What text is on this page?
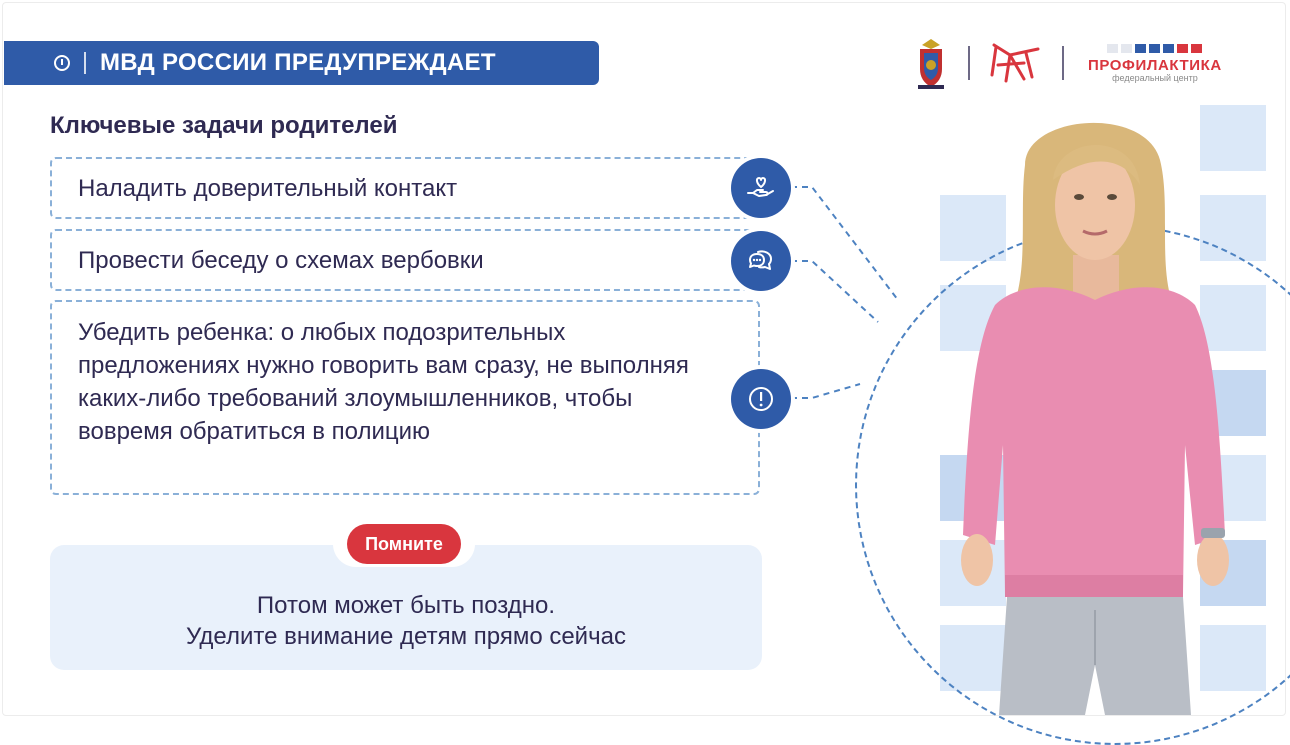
МВД РОССИИ ПРЕДУПРЕЖДАЕТ	ПРОФИЛАКТИКА
федеральный центр
Ключевые задачи родителей
Наладить доверительный контакт
Провести беседу о схемах вербовки
Убедить ребенка: о любых подозрительных предложениях нужно говорить вам сразу, не выполняя каких-либо требований злоумышленников, чтобы вовремя обратиться в полицию
Потом может быть поздно.
Уделите внимание детям прямо сейчас
Помните
